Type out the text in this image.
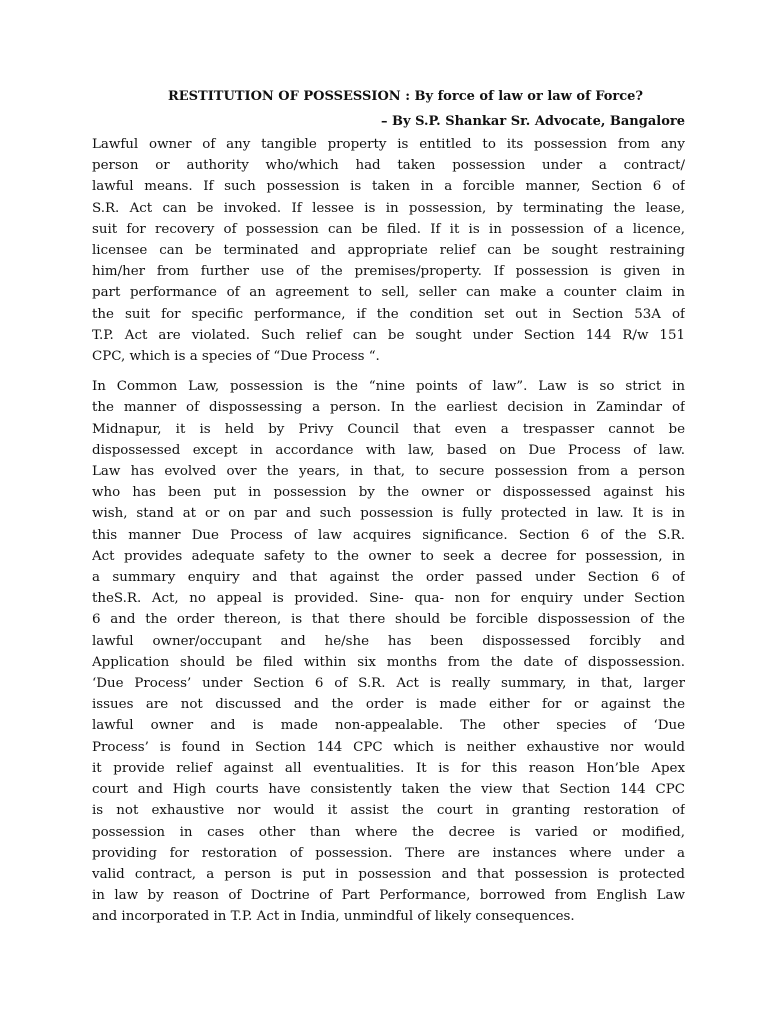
RESTITUTION OF POSSESSION : By force of law or law of Force?
– By S.P. Shankar Sr. Advocate, Bangalore

Lawful owner of any tangible property is entitled to its possession from any
person or authority who/which had taken possession under a contract/
lawful means. If such possession is taken in a forcible manner, Section 6 of
S.R. Act can be invoked. If lessee is in possession, by terminating the lease,
suit for recovery of possession can be filed. If it is in possession of a licence,
licensee can be terminated and appropriate relief can be sought restraining
him/her from further use of the premises/property. If possession is given in
part performance of an agreement to sell, seller can make a counter claim in
the suit for specific performance, if the condition set out in Section 53A of
T.P. Act are violated. Such relief can be sought under Section 144 R/w 151
CPC, which is a species of “Due Process “.

In Common Law, possession is the “nine points of law”. Law is so strict in
the manner of dispossessing a person. In the earliest decision in Zamindar of
Midnapur, it is held by Privy Council that even a trespasser cannot be
dispossessed except in accordance with law, based on Due Process of law.
Law has evolved over the years, in that, to secure possession from a person
who has been put in possession by the owner or dispossessed against his
wish, stand at or on par and such possession is fully protected in law. It is in
this manner Due Process of law acquires significance. Section 6 of the S.R.
Act provides adequate safety to the owner to seek a decree for possession, in
a summary enquiry and that against the order passed under Section 6 of
theS.R. Act, no appeal is provided. Sine- qua- non for enquiry under Section
6 and the order thereon, is that there should be forcible dispossession of the
lawful owner/occupant and he/she has been dispossessed forcibly and
Application should be filed within six months from the date of dispossession.
‘Due Process’ under Section 6 of S.R. Act is really summary, in that, larger
issues are not discussed and the order is made either for or against the
lawful owner and is made non-appealable. The other species of ‘Due
Process’ is found in Section 144 CPC which is neither exhaustive nor would
it provide relief against all eventualities. It is for this reason Hon’ble Apex
court and High courts have consistently taken the view that Section 144 CPC
is not exhaustive nor would it assist the court in granting restoration of
possession in cases other than where the decree is varied or modified,
providing for restoration of possession. There are instances where under a
valid contract, a person is put in possession and that possession is protected
in law by reason of Doctrine of Part Performance, borrowed from English Law
and incorporated in T.P. Act in India, unmindful of likely consequences.
